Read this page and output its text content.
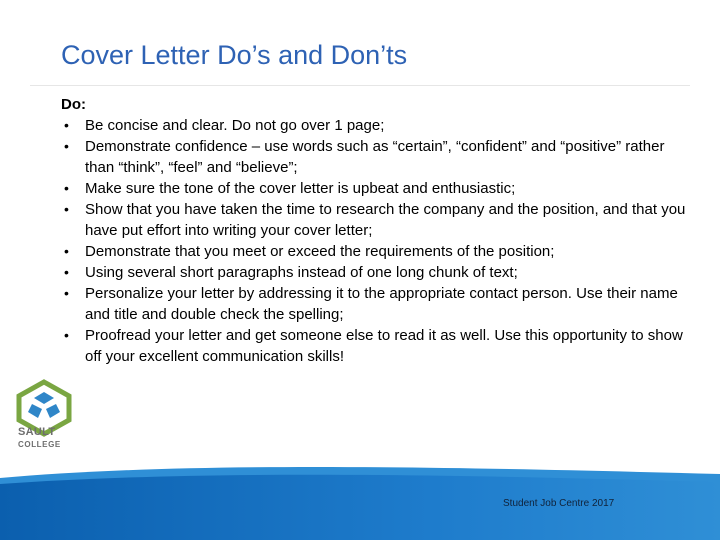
Cover Letter Do’s and Don’ts
Do:
• Be concise and clear. Do not go over 1 page;
• Demonstrate confidence – use words such as “certain”, “confident” and “positive” rather than “think”, “feel” and “believe”;
• Make sure the tone of the cover letter is upbeat and enthusiastic;
• Show that you have taken the time to research the company and the position, and that you have put effort into writing your cover letter;
• Demonstrate that you meet or exceed the requirements of the position;
• Using several short paragraphs instead of one long chunk of text;
• Personalize your letter by addressing it to the appropriate contact person. Use their name and title and double check the spelling;
• Proofread your letter and get someone else to read it as well. Use this opportunity to show off your excellent communication skills!
SAULT
COLLEGE
Student Job Centre 2017
